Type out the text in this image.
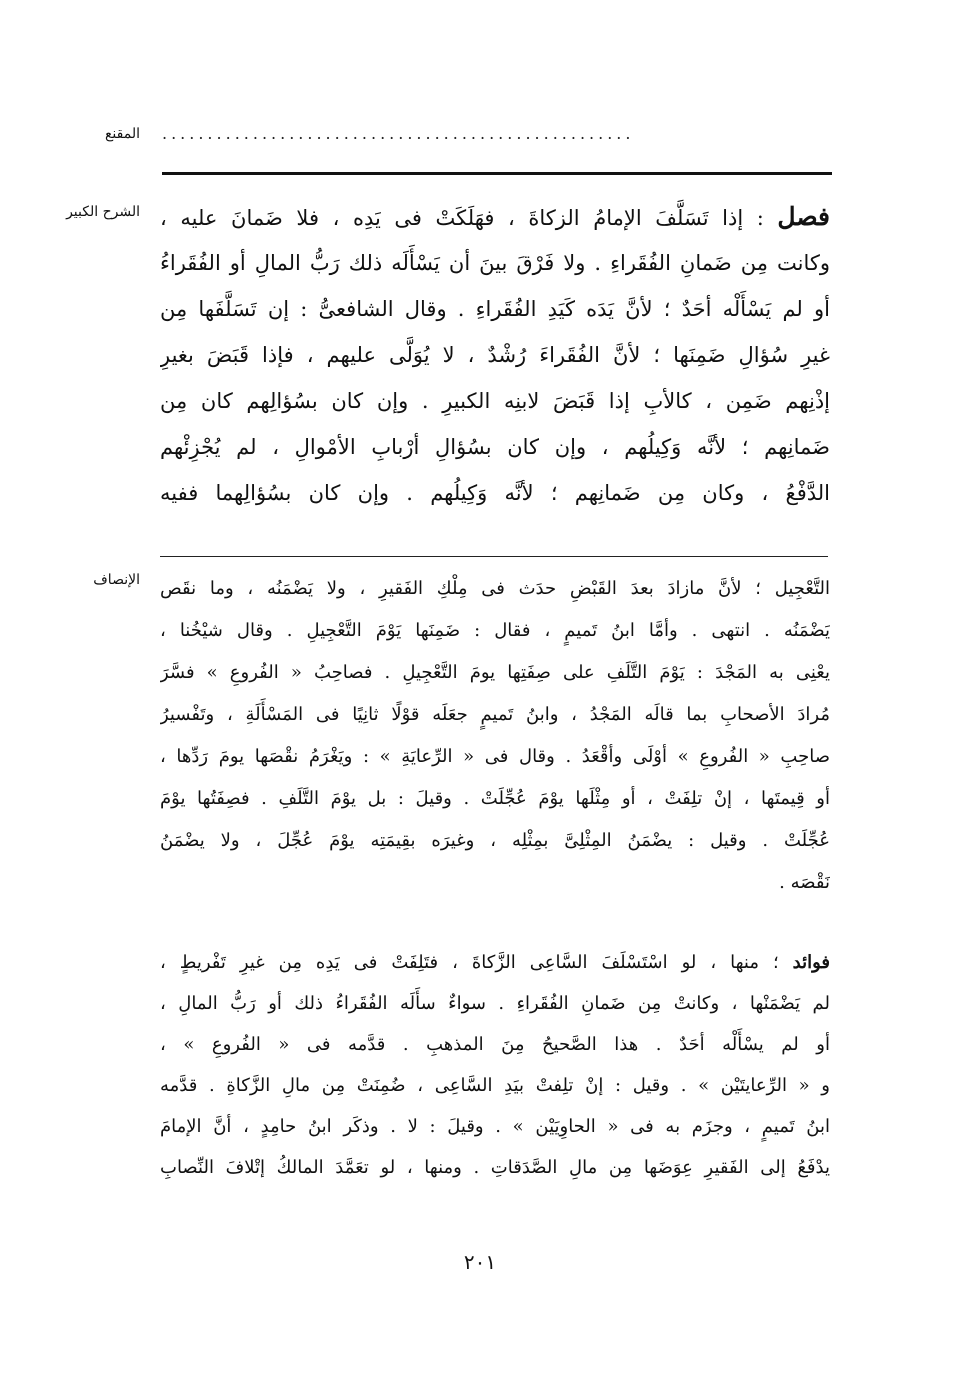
المقنع ....................................................
الشرح الكبير	فصل : إذا تَسَلَّفَ الإمامُ الزكاةَ ، فهَلَكَتْ فى يَدِه ، فلا ضَمانَ عليه ،
وكانت مِن ضَمانِ الفُقَراءِ . ولا فَرْقَ بينَ أن يَسْأَلَه ذلك رَبُّ المالِ أو الفُقَراءُ
أو لم يَسْأَلْه أحَدٌ ؛ لأنَّ يَدَه كَيَدِ الفُقَراءِ . وقال الشافعىُّ : إن تَسَلَّفَها مِن
غيرِ سُؤالِ ضَمِنَها ؛ لأنَّ الفُقَراءَ رُشْدٌ ، لا يُوَلَّى عليهم ، فإذا قَبَضَ بغيرِ
إذْنِهم ضَمِن ، كالأبِ إذا قَبَضَ لابنِه الكبيرِ . وإن كان بسُؤالِهم كان مِن
ضَمانِهم ؛ لأنَّه وَكِيلُهم ، وإن كان بسُؤالِ أرْبابِ الأمْوالِ ، لم يُجْزِئْهم
الدَّفْعُ ، وكان مِن ضَمانِهم ؛ لأنَّه وَكِيلُهم . وإن كان بسُؤالِهما ففيه
الإنصاف التَّعْجِيل ؛ لأنَّ مازادَ بعدَ القَبْضِ حدَث فى مِلْكِ الفَقيرِ ، ولا يَضْمَنُه ، وما نقَص
يَضْمَنُه . انتهى . وأمَّا ابنُ تَميمٍ ، فقال : ضَمِنَها يَوْمَ التَّعْجِيلِ . وقال شيْخُنا ،
يعْنِى به المَجْدَ : يَوْمَ التَّلَفِ على صِفَتِها يومَ التَّعْجِيلِ . فصاحِبُ « الفُروعِ » فسَّرَ
مُرادَ الأصحابِ بما قالَه المَجْدُ ، وابنُ تَميمٍ جعَلَه قوْلًا ثانِيًا فى المَسْأَلَةِ ، وتَفْسيرُ
صاحِبِ « الفُروعِ » أوْلَى وأقْعَدُ . وقال فى « الرِّعايَةِ » : ويَغْرَمُ نقْصَها يومَ رَدِّها ،
أو قِيمتَها ، إنْ تلِفَتْ ، أو مِثْلَها يوْمَ عُجِّلَتْ . وقيلَ : بل يوْمَ التَّلَفِ . فصِفَتُها يوْمَ
عُجِّلَتْ . وقيل : يضْمَنُ المِثْلِىَّ بمِثْلِه ، وغيرَه بقِيمَتِه يوْمَ عُجِّلَ ، ولا يضْمَنُ
نَقْصَه .
فوائد ؛ منها ، لو اسْتَسْلَفَ السَّاعِى الزَّكاةَ ، فتَلِفَتْ فى يَدِه مِن غيرِ تَفْريطٍ ،
لم يَضْمَنْها ، وكانتْ مِن ضَمانِ الفُقَراءِ . سواءٌ سأَلَه الفُقَراءُ ذلك أو رَبُّ المالِ ،
أو لم يسْأَلْه أحَدٌ . هذا الصَّحيحُ مِنَ المذهبِ . قدَّمه فى « الفُروعِ » ،
و « الرِّعايتَيْن » . وقيل : إنْ تلِفتْ بيَدِ السَّاعِى ، ضُمِنَتْ مِن مالِ الزَّكاةِ . قدَّمه
ابنُ تَميمٍ ، وجزَم به فى « الحاوِيَيْن » . وقيلَ : لا . وذكَر ابنُ حامِدٍ ، أنَّ الإمامَ
يدْفَعُ إلى الفَقيرِ عِوَضَها مِن مالِ الصَّدَقاتِ . ومنها ، لو تعَمَّدَ المالكُ إتْلافَ النِّصابِ
٢٠١
